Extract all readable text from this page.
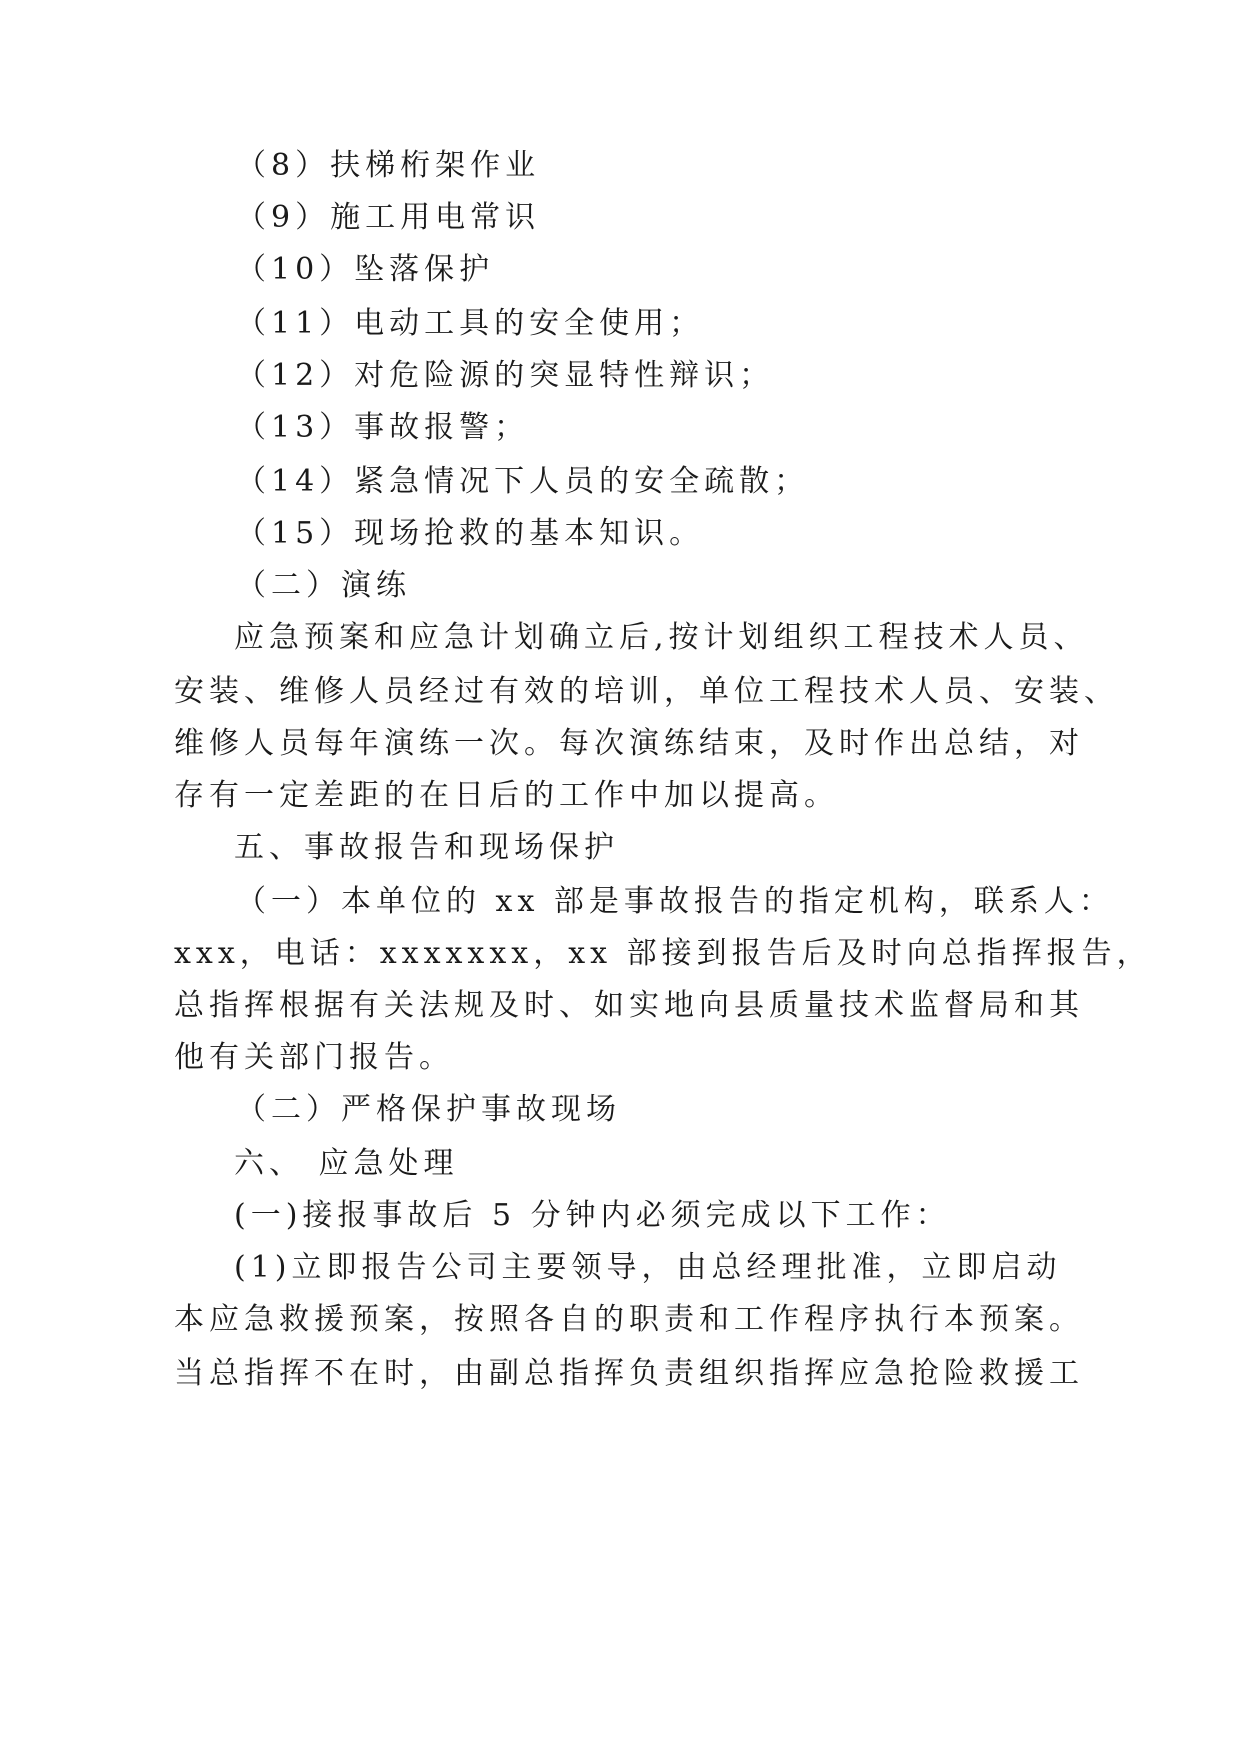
（8）扶梯桁架作业
（9）施工用电常识
（10）坠落保护
（11）电动工具的安全使用；
（12）对危险源的突显特性辩识；
（13）事故报警；
（14）紧急情况下人员的安全疏散；
（15）现场抢救的基本知识。
（二）演练
应急预案和应急计划确立后,按计划组织工程技术人员、
安装、维修人员经过有效的培训，单位工程技术人员、安装、
维修人员每年演练一次。每次演练结束，及时作出总结，对
存有一定差距的在日后的工作中加以提高。
五、事故报告和现场保护
（一）本单位的 xx 部是事故报告的指定机构，联系人：
xxx，电话：xxxxxxx，xx 部接到报告后及时向总指挥报告，
总指挥根据有关法规及时、如实地向县质量技术监督局和其
他有关部门报告。
（二）严格保护事故现场
六、 应急处理
(一)接报事故后 5 分钟内必须完成以下工作：
(1)立即报告公司主要领导，由总经理批准，立即启动
本应急救援预案，按照各自的职责和工作程序执行本预案。
当总指挥不在时，由副总指挥负责组织指挥应急抢险救援工
